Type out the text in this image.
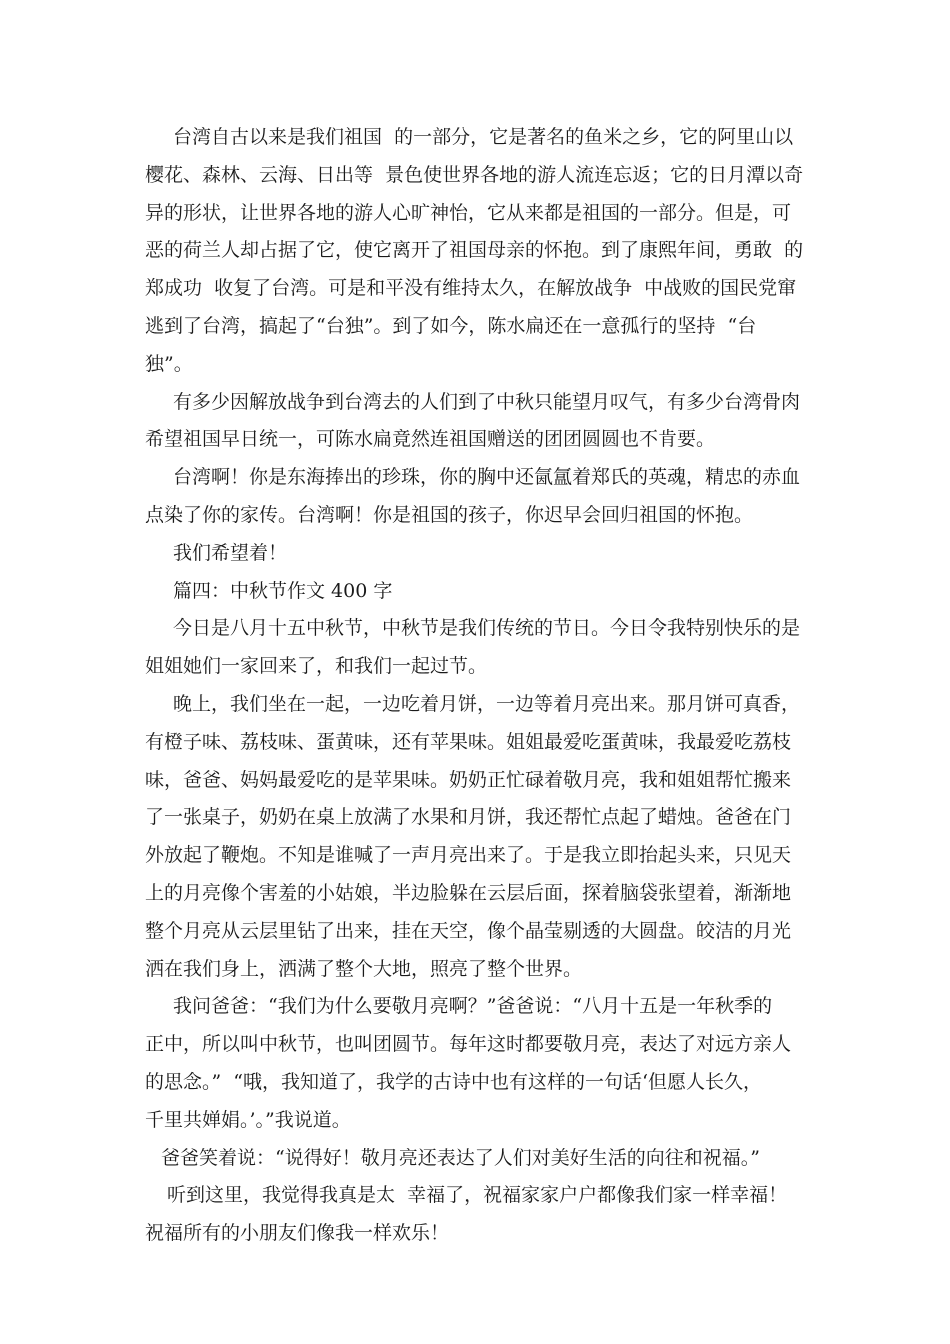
台湾自古以来是我们祖国  的一部分，它是著名的鱼米之乡，它的阿里山以
樱花、森林、云海、日出等  景色使世界各地的游人流连忘返；它的日月潭以奇
异的形状，让世界各地的游人心旷神怡，它从来都是祖国的一部分。但是，可
恶的荷兰人却占据了它，使它离开了祖国母亲的怀抱。到了康熙年间，勇敢  的
郑成功  收复了台湾。可是和平没有维持太久，在解放战争  中战败的国民党窜
逃到了台湾，搞起了“台独”。到了如今，陈水扁还在一意孤行的坚持  “台
独”。
有多少因解放战争到台湾去的人们到了中秋只能望月叹气，有多少台湾骨肉
希望祖国早日统一，可陈水扁竟然连祖国赠送的团团圆圆也不肯要。
台湾啊！你是东海捧出的珍珠，你的胸中还氤氲着郑氏的英魂，精忠的赤血
点染了你的家传。台湾啊！你是祖国的孩子，你迟早会回归祖国的怀抱。
我们希望着！
篇四：中秋节作文 400 字
今日是八月十五中秋节，中秋节是我们传统的节日。今日令我特别快乐的是
姐姐她们一家回来了，和我们一起过节。
晚上，我们坐在一起，一边吃着月饼，一边等着月亮出来。那月饼可真香，
有橙子味、荔枝味、蛋黄味，还有苹果味。姐姐最爱吃蛋黄味，我最爱吃荔枝
味，爸爸、妈妈最爱吃的是苹果味。奶奶正忙碌着敬月亮，我和姐姐帮忙搬来
了一张桌子，奶奶在桌上放满了水果和月饼，我还帮忙点起了蜡烛。爸爸在门
外放起了鞭炮。不知是谁喊了一声月亮出来了。于是我立即抬起头来，只见天
上的月亮像个害羞的小姑娘，半边脸躲在云层后面，探着脑袋张望着，渐渐地
整个月亮从云层里钻了出来，挂在天空，像个晶莹剔透的大圆盘。皎洁的月光
洒在我们身上，洒满了整个大地，照亮了整个世界。
我问爸爸：“我们为什么要敬月亮啊？”爸爸说：“八月十五是一年秋季的
正中，所以叫中秋节，也叫团圆节。每年这时都要敬月亮，表达了对远方亲人
的思念。”  “哦，我知道了，我学的古诗中也有这样的一句话‘但愿人长久，
千里共婵娟。’。”我说道。
爸爸笑着说：“说得好！敬月亮还表达了人们对美好生活的向往和祝福。”
听到这里，我觉得我真是太  幸福了，祝福家家户户都像我们家一样幸福！
祝福所有的小朋友们像我一样欢乐！
